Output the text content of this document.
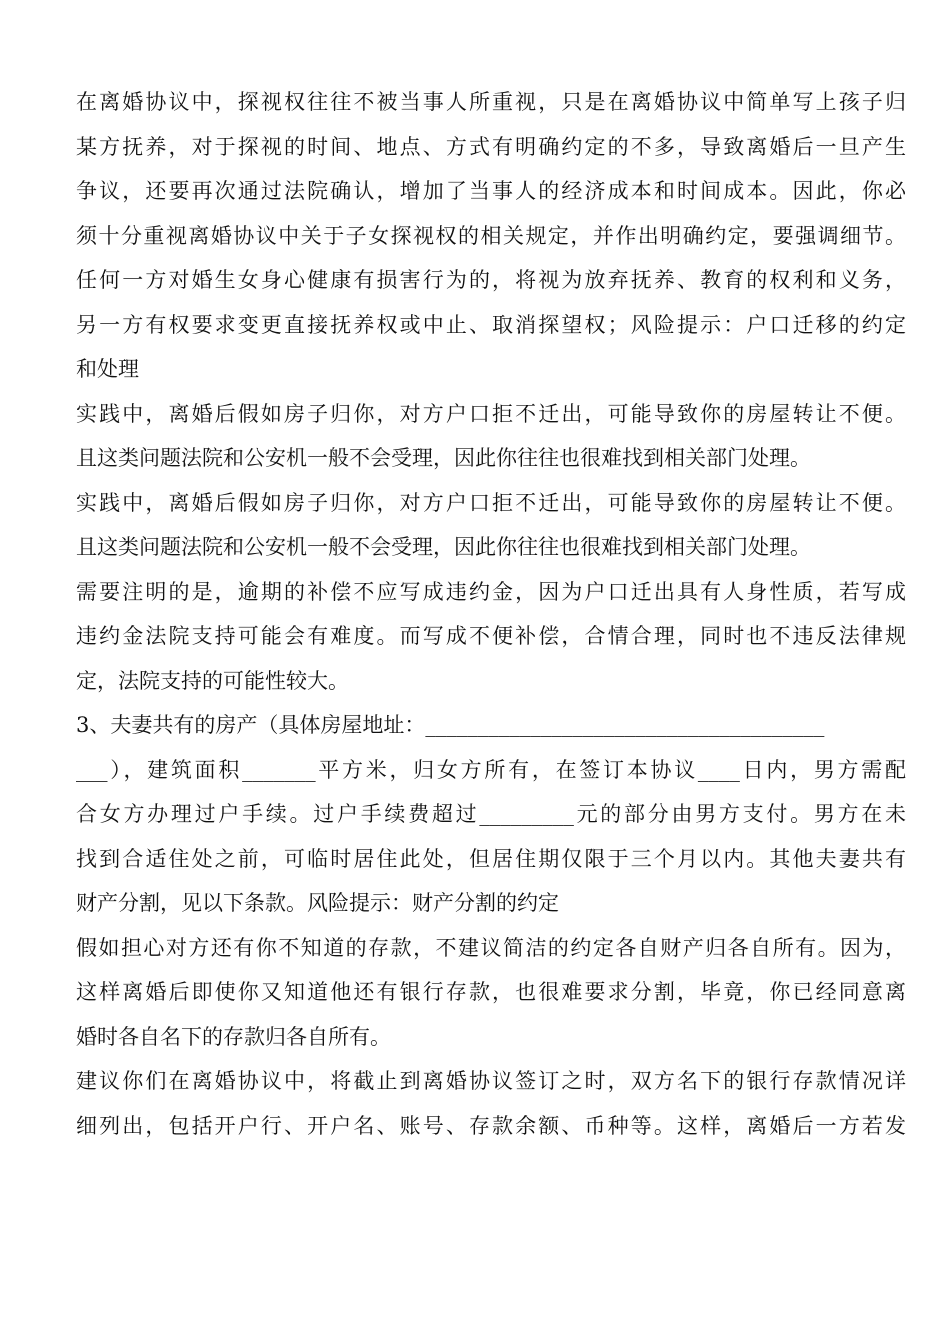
在离婚协议中，探视权往往不被当事人所重视，只是在离婚协议中简单写上孩子归
某方抚养，对于探视的时间、地点、方式有明确约定的不多，导致离婚后一旦产生
争议，还要再次通过法院确认，增加了当事人的经济成本和时间成本。因此，你必
须十分重视离婚协议中关于子女探视权的相关规定，并作出明确约定，要强调细节。
任何一方对婚生女身心健康有损害行为的，将视为放弃抚养、教育的权利和义务，
另一方有权要求变更直接抚养权或中止、取消探望权；风险提示：户口迁移的约定
和处理
实践中，离婚后假如房子归你，对方户口拒不迁出，可能导致你的房屋转让不便。
且这类问题法院和公安机一般不会受理，因此你往往也很难找到相关部门处理。
实践中，离婚后假如房子归你，对方户口拒不迁出，可能导致你的房屋转让不便。
且这类问题法院和公安机一般不会受理，因此你往往也很难找到相关部门处理。
需要注明的是，逾期的补偿不应写成违约金，因为户口迁出具有人身性质，若写成
违约金法院支持可能会有难度。而写成不便补偿，合情合理，同时也不违反法律规
定，法院支持的可能性较大。
3、夫妻共有的房产（具体房屋地址：______________________________________
___），建筑面积_______平方米，归女方所有，在签订本协议____日内，男方需配
合女方办理过户手续。过户手续费超过_________元的部分由男方支付。男方在未
找到合适住处之前，可临时居住此处，但居住期仅限于三个月以内。其他夫妻共有
财产分割，见以下条款。风险提示：财产分割的约定
假如担心对方还有你不知道的存款，不建议简洁的约定各自财产归各自所有。因为，
这样离婚后即使你又知道他还有银行存款，也很难要求分割，毕竟，你已经同意离
婚时各自名下的存款归各自所有。
建议你们在离婚协议中，将截止到离婚协议签订之时，双方名下的银行存款情况详
细列出，包括开户行、开户名、账号、存款余额、币种等。这样，离婚后一方若发
